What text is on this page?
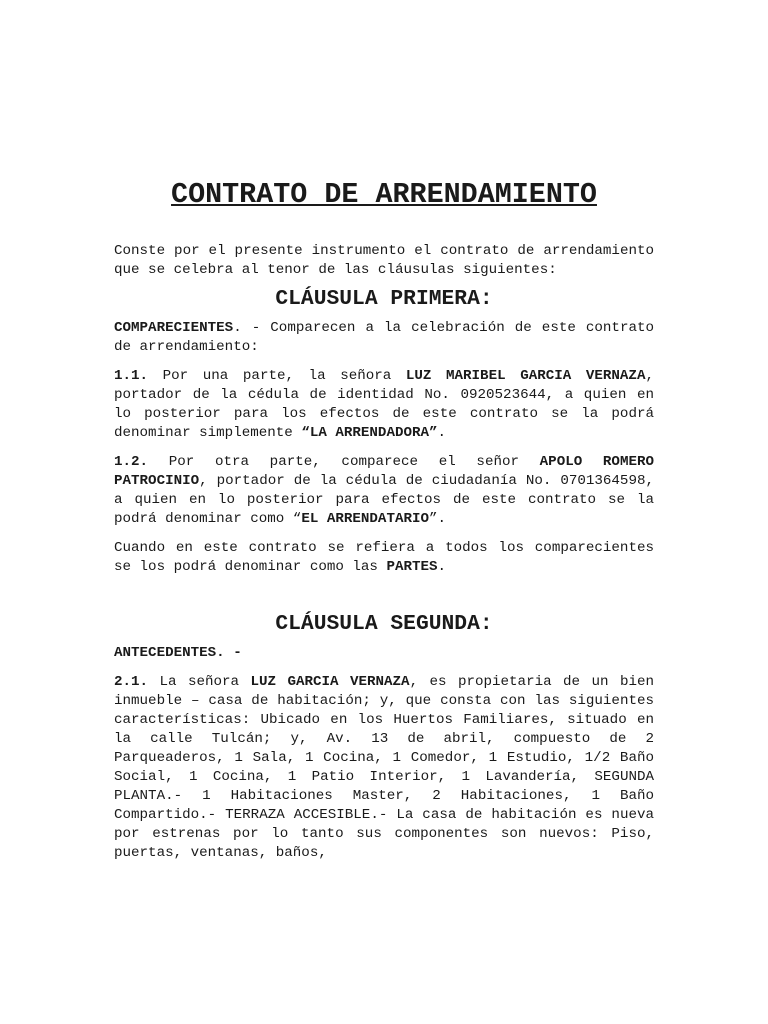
CONTRATO DE ARRENDAMIENTO

Conste por el presente instrumento el contrato de arrendamiento que se celebra al tenor de las cláusulas siguientes:

CLÁUSULA PRIMERA:

COMPARECIENTES. - Comparecen a la celebración de este contrato de arrendamiento:

1.1. Por una parte, la señora LUZ MARIBEL GARCIA VERNAZA, portador de la cédula de identidad No. 0920523644, a quien en lo posterior para los efectos de este contrato se la podrá denominar simplemente “LA ARRENDADORA”.

1.2. Por otra parte, comparece el señor APOLO ROMERO PATROCINIO, portador de la cédula de ciudadanía No. 0701364598, a quien en lo posterior para efectos de este contrato se la podrá denominar como “EL ARRENDATARIO”.

Cuando en este contrato se refiera a todos los comparecientes se los podrá denominar como las PARTES.

CLÁUSULA SEGUNDA:

ANTECEDENTES. -

2.1. La señora LUZ GARCIA VERNAZA, es propietaria de un bien inmueble – casa de habitación; y, que consta con las siguientes características: Ubicado en los Huertos Familiares, situado en la calle Tulcán; y, Av. 13 de abril, compuesto de 2 Parqueaderos, 1 Sala, 1 Cocina, 1 Comedor, 1 Estudio, 1/2 Baño Social, 1 Cocina, 1 Patio Interior, 1 Lavandería, SEGUNDA PLANTA.- 1 Habitaciones Master, 2 Habitaciones, 1 Baño Compartido.- TERRAZA ACCESIBLE.- La casa de habitación es nueva por estrenas por lo tanto sus componentes son nuevos: Piso, puertas, ventanas, baños,
